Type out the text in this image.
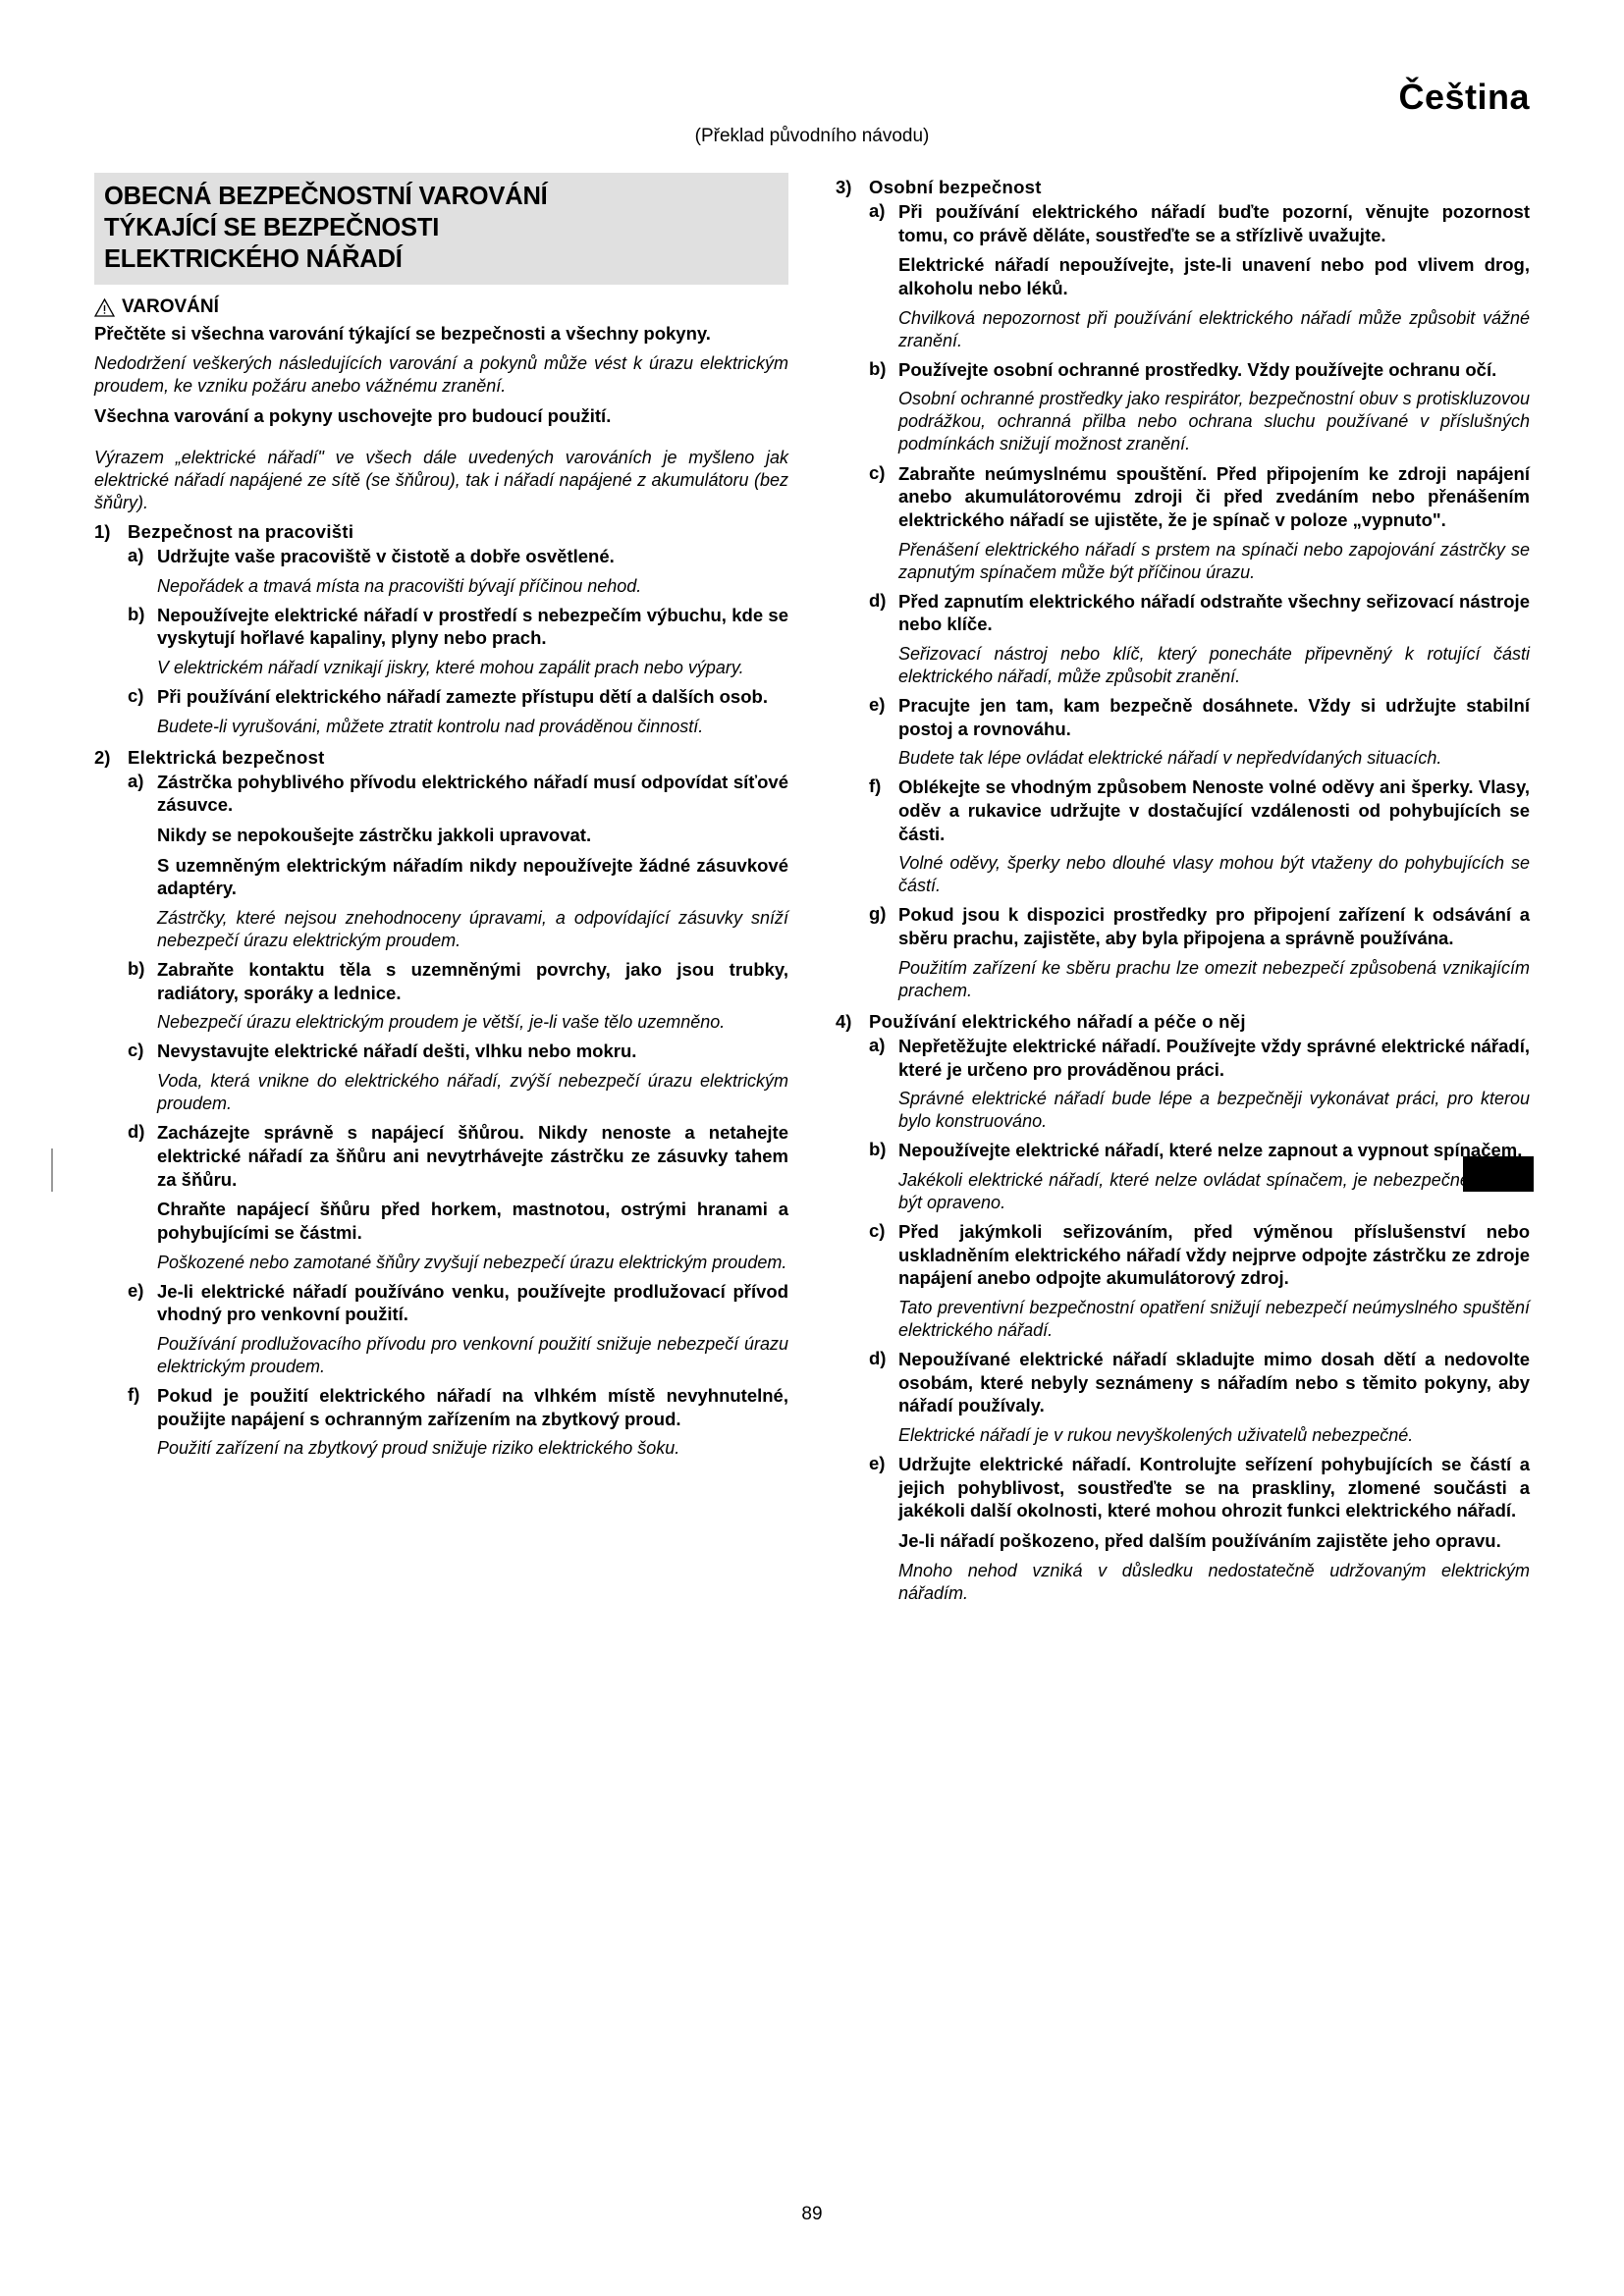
Čeština
(Překlad původního návodu)
OBECNÁ BEZPEČNOSTNÍ VAROVÁNÍ
TÝKAJÍCÍ SE BEZPEČNOSTI
ELEKTRICKÉHO NÁŘADÍ
VAROVÁNÍ

Přečtěte si všechna varování týkající se bezpečnosti a všechny pokyny.

Nedodržení veškerých následujících varování a pokynů může vést k úrazu elektrickým proudem, ke vzniku požáru anebo vážnému zranění.

Všechna varování a pokyny uschovejte pro budoucí použití.

Výrazem „elektrické nářadí" ve všech dále uvedených varováních je myšleno jak elektrické nářadí napájené ze sítě (se šňůrou), tak i nářadí napájené z akumulátoru (bez šňůry).

1) Bezpečnost na pracovišti
a) Udržujte vaše pracoviště v čistotě a dobře osvětlené.

Nepořádek a tmavá místa na pracovišti bývají příčinou nehod.

b) Nepoužívejte elektrické nářadí v prostředí s nebezpečím výbuchu, kde se vyskytují hořlavé kapaliny, plyny nebo prach.

V elektrickém nářadí vznikají jiskry, které mohou zapálit prach nebo výpary.

c) Při používání elektrického nářadí zamezte přístupu dětí a dalších osob.

Budete-li vyrušováni, můžete ztratit kontrolu nad prováděnou činností.

2) Elektrická bezpečnost
a) Zástrčka pohyblivého přívodu elektrického nářadí musí odpovídat síťové zásuvce.

Nikdy se nepokoušejte zástrčku jakkoli upravovat.

S uzemněným elektrickým nářadím nikdy nepoužívejte žádné zásuvkové adaptéry.

Zástrčky, které nejsou znehodnoceny úpravami, a odpovídající zásuvky sníží nebezpečí úrazu elektrickým proudem.

b) Zabraňte kontaktu těla s uzemněnými povrchy, jako jsou trubky, radiátory, sporáky a lednice.

Nebezpečí úrazu elektrickým proudem je větší, je-li vaše tělo uzemněno.

c) Nevystavujte elektrické nářadí dešti, vlhku nebo mokru.

Voda, která vnikne do elektrického nářadí, zvýší nebezpečí úrazu elektrickým proudem.

d) Zacházejte správně s napájecí šňůrou. Nikdy nenoste a netahejte elektrické nářadí za šňůru ani nevytrhávejte zástrčku ze zásuvky tahem za šňůru.

Chraňte napájecí šňůru před horkem, mastnotou, ostrými hranami a pohybujícími se částmi.

Poškozené nebo zamotané šňůry zvyšují nebezpečí úrazu elektrickým proudem.

e) Je-li elektrické nářadí používáno venku, používejte prodlužovací přívod vhodný pro venkovní použití.

Používání prodlužovacího přívodu pro venkovní použití snižuje nebezpečí úrazu elektrickým proudem.

f) Pokud je použití elektrického nářadí na vlhkém místě nevyhnutelné, použijte napájení s ochranným zařízením na zbytkový proud.

Použití zařízení na zbytkový proud snižuje riziko elektrického šoku.

3) Osobní bezpečnost
a) Při používání elektrického nářadí buďte pozorní, věnujte pozornost tomu, co právě děláte, soustřeďte se a střízlivě uvažujte.

Elektrické nářadí nepoužívejte, jste-li unavení nebo pod vlivem drog, alkoholu nebo léků.

Chvilková nepozornost při používání elektrického nářadí může způsobit vážné zranění.

b) Používejte osobní ochranné prostředky. Vždy používejte ochranu očí.

Osobní ochranné prostředky jako respirátor, bezpečnostní obuv s protiskluzovou podrážkou, ochranná přilba nebo ochrana sluchu používané v příslušných podmínkách snižují možnost zranění.

c) Zabraňte neúmyslnému spouštění. Před připojením ke zdroji napájení anebo akumulátorovému zdroji či před zvedáním nebo přenášením elektrického nářadí se ujistěte, že je spínač v poloze „vypnuto".

Přenášení elektrického nářadí s prstem na spínači nebo zapojování zástrčky se zapnutým spínačem může být příčinou úrazu.

d) Před zapnutím elektrického nářadí odstraňte všechny seřizovací nástroje nebo klíče.

Seřizovací nástroj nebo klíč, který ponecháte připevněný k rotující části elektrického nářadí, může způsobit zranění.

e) Pracujte jen tam, kam bezpečně dosáhnete. Vždy si udržujte stabilní postoj a rovnováhu.

Budete tak lépe ovládat elektrické nářadí v nepředvídaných situacích.

f) Oblékejte se vhodným způsobem Nenoste volné oděvy ani šperky. Vlasy, oděv a rukavice udržujte v dostačující vzdálenosti od pohybujících se části.

Volné oděvy, šperky nebo dlouhé vlasy mohou být vtaženy do pohybujících se částí.

g) Pokud jsou k dispozici prostředky pro připojení zařízení k odsávání a sběru prachu, zajistěte, aby byla připojena a správně používána.

Použitím zařízení ke sběru prachu lze omezit nebezpečí způsobená vznikajícím prachem.

4) Používání elektrického nářadí a péče o něj
a) Nepřetěžujte elektrické nářadí. Používejte vždy správné elektrické nářadí, které je určeno pro prováděnou práci.

Správné elektrické nářadí bude lépe a bezpečněji vykonávat práci, pro kterou bylo konstruováno.

b) Nepoužívejte elektrické nářadí, které nelze zapnout a vypnout spínačem.

Jakékoli elektrické nářadí, které nelze ovládat spínačem, je nebezpečné a musí být opraveno.

c) Před jakýmkoli seřizováním, před výměnou příslušenství nebo uskladněním elektrického nářadí vždy nejprve odpojte zástrčku ze zdroje napájení anebo odpojte akumulátorový zdroj.

Tato preventivní bezpečnostní opatření snižují nebezpečí neúmyslného spuštění elektrického nářadí.

d) Nepoužívané elektrické nářadí skladujte mimo dosah dětí a nedovolte osobám, které nebyly seznámeny s nářadím nebo s těmito pokyny, aby nářadí používaly.

Elektrické nářadí je v rukou nevyškolených uživatelů nebezpečné.

e) Udržujte elektrické nářadí. Kontrolujte seřízení pohybujících se částí a jejich pohyblivost, soustřeďte se na praskliny, zlomené součásti a jakékoli další okolnosti, které mohou ohrozit funkci elektrického nářadí.

Je-li nářadí poškozeno, před dalším používáním zajistěte jeho opravu.

Mnoho nehod vzniká v důsledku nedostatečně udržovaným elektrickým nářadím.

89
